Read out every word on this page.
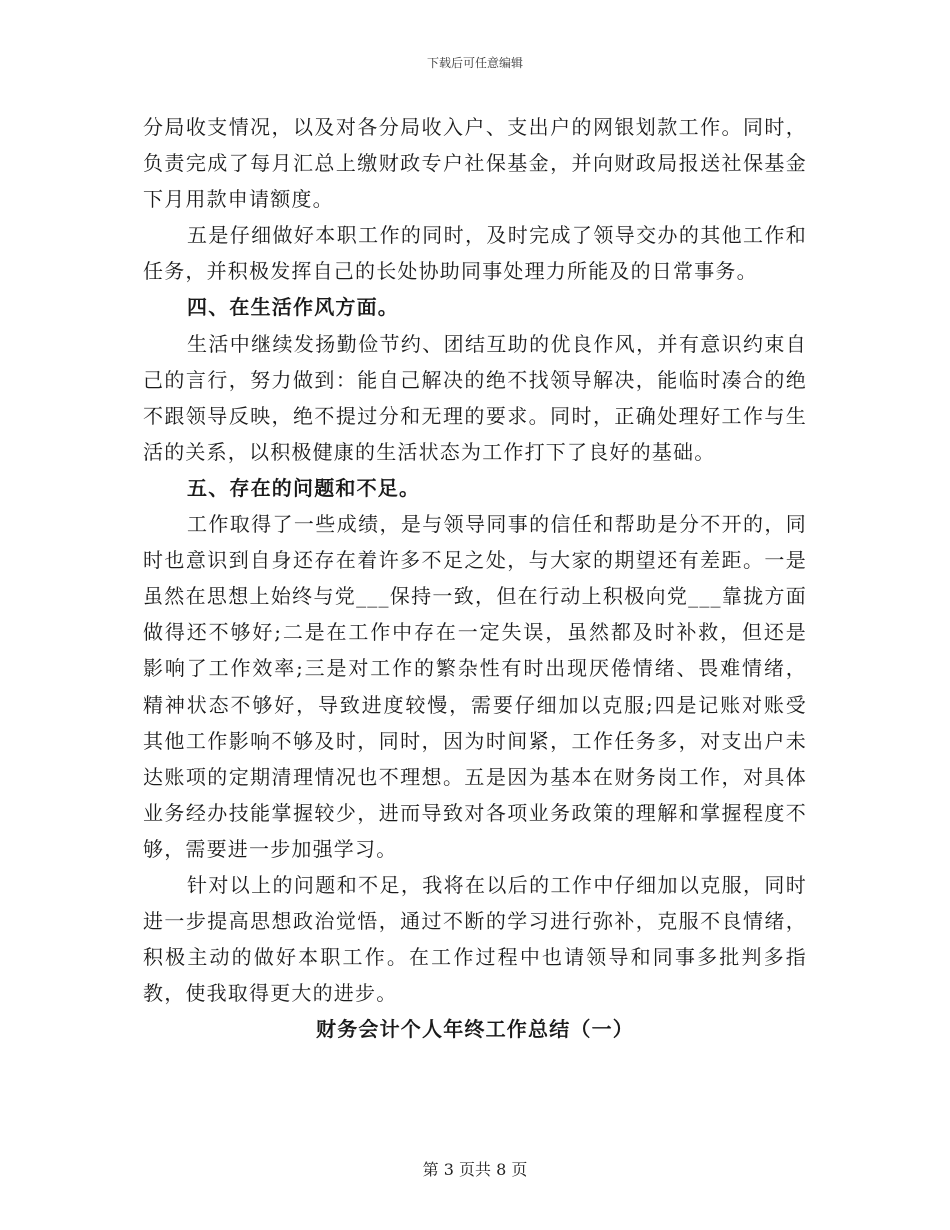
下载后可任意编辑

分局收支情况，以及对各分局收入户、支出户的网银划款工作。同时，负责完成了每月汇总上缴财政专户社保基金，并向财政局报送社保基金下月用款申请额度。

五是仔细做好本职工作的同时，及时完成了领导交办的其他工作和任务，并积极发挥自己的长处协助同事处理力所能及的日常事务。

四、在生活作风方面。

生活中继续发扬勤俭节约、团结互助的优良作风，并有意识约束自己的言行，努力做到：能自己解决的绝不找领导解决，能临时凑合的绝不跟领导反映，绝不提过分和无理的要求。同时，正确处理好工作与生活的关系，以积极健康的生活状态为工作打下了良好的基础。

五、存在的问题和不足。

工作取得了一些成绩，是与领导同事的信任和帮助是分不开的，同时也意识到自身还存在着许多不足之处，与大家的期望还有差距。一是虽然在思想上始终与党___保持一致，但在行动上积极向党___靠拢方面做得还不够好;二是在工作中存在一定失误，虽然都及时补救，但还是影响了工作效率;三是对工作的繁杂性有时出现厌倦情绪、畏难情绪，精神状态不够好，导致进度较慢，需要仔细加以克服;四是记账对账受其他工作影响不够及时，同时，因为时间紧，工作任务多，对支出户未达账项的定期清理情况也不理想。五是因为基本在财务岗工作，对具体业务经办技能掌握较少，进而导致对各项业务政策的理解和掌握程度不够，需要进一步加强学习。

针对以上的问题和不足，我将在以后的工作中仔细加以克服，同时进一步提高思想政治觉悟，通过不断的学习进行弥补，克服不良情绪，积极主动的做好本职工作。在工作过程中也请领导和同事多批判多指教，使我取得更大的进步。

财务会计个人年终工作总结（一）

第 3 页共 8 页
